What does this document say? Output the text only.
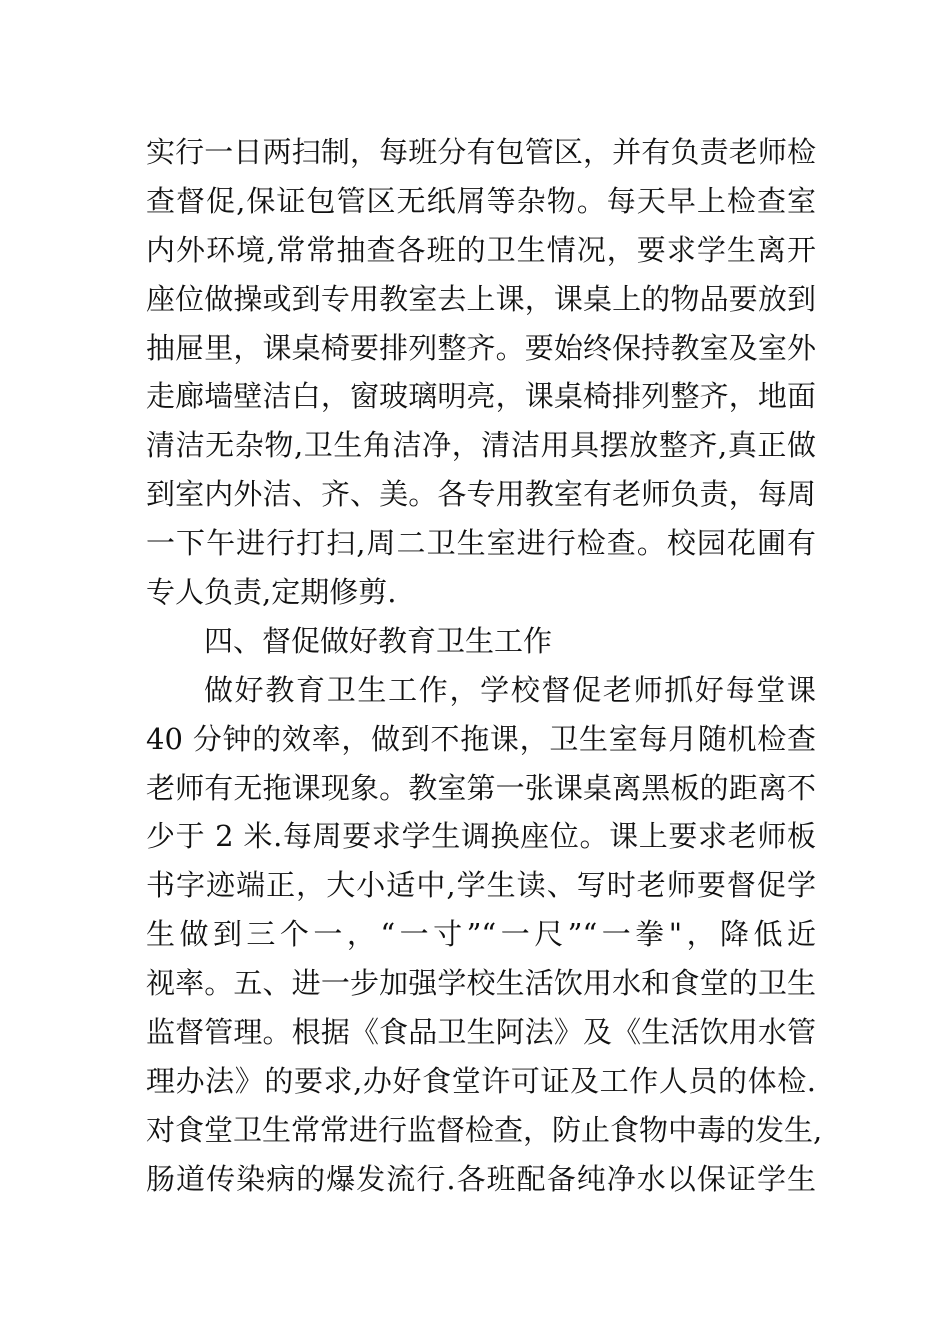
实行一日两扫制，每班分有包管区，并有负责老师检
查督促,保证包管区无纸屑等杂物。每天早上检查室
内外环境,常常抽查各班的卫生情况，要求学生离开
座位做操或到专用教室去上课，课桌上的物品要放到
抽屉里，课桌椅要排列整齐。要始终保持教室及室外
走廊墙壁洁白，窗玻璃明亮，课桌椅排列整齐，地面
清洁无杂物,卫生角洁净，清洁用具摆放整齐,真正做
到室内外洁、齐、美。各专用教室有老师负责，每周
一下午进行打扫,周二卫生室进行检查。校园花圃有
专人负责,定期修剪.
四、督促做好教育卫生工作
做好教育卫生工作，学校督促老师抓好每堂课
40 分钟的效率，做到不拖课，卫生室每月随机检查
老师有无拖课现象。教室第一张课桌离黑板的距离不
少于 2 米.每周要求学生调换座位。课上要求老师板
书字迹端正，大小适中,学生读、写时老师要督促学
生做到三个一，“一寸”“一尺”“一拳"，降低近
视率。五、进一步加强学校生活饮用水和食堂的卫生
监督管理。根据《食品卫生阿法》及《生活饮用水管
理办法》的要求,办好食堂许可证及工作人员的体检.
对食堂卫生常常进行监督检查，防止食物中毒的发生,
肠道传染病的爆发流行.各班配备纯净水以保证学生
